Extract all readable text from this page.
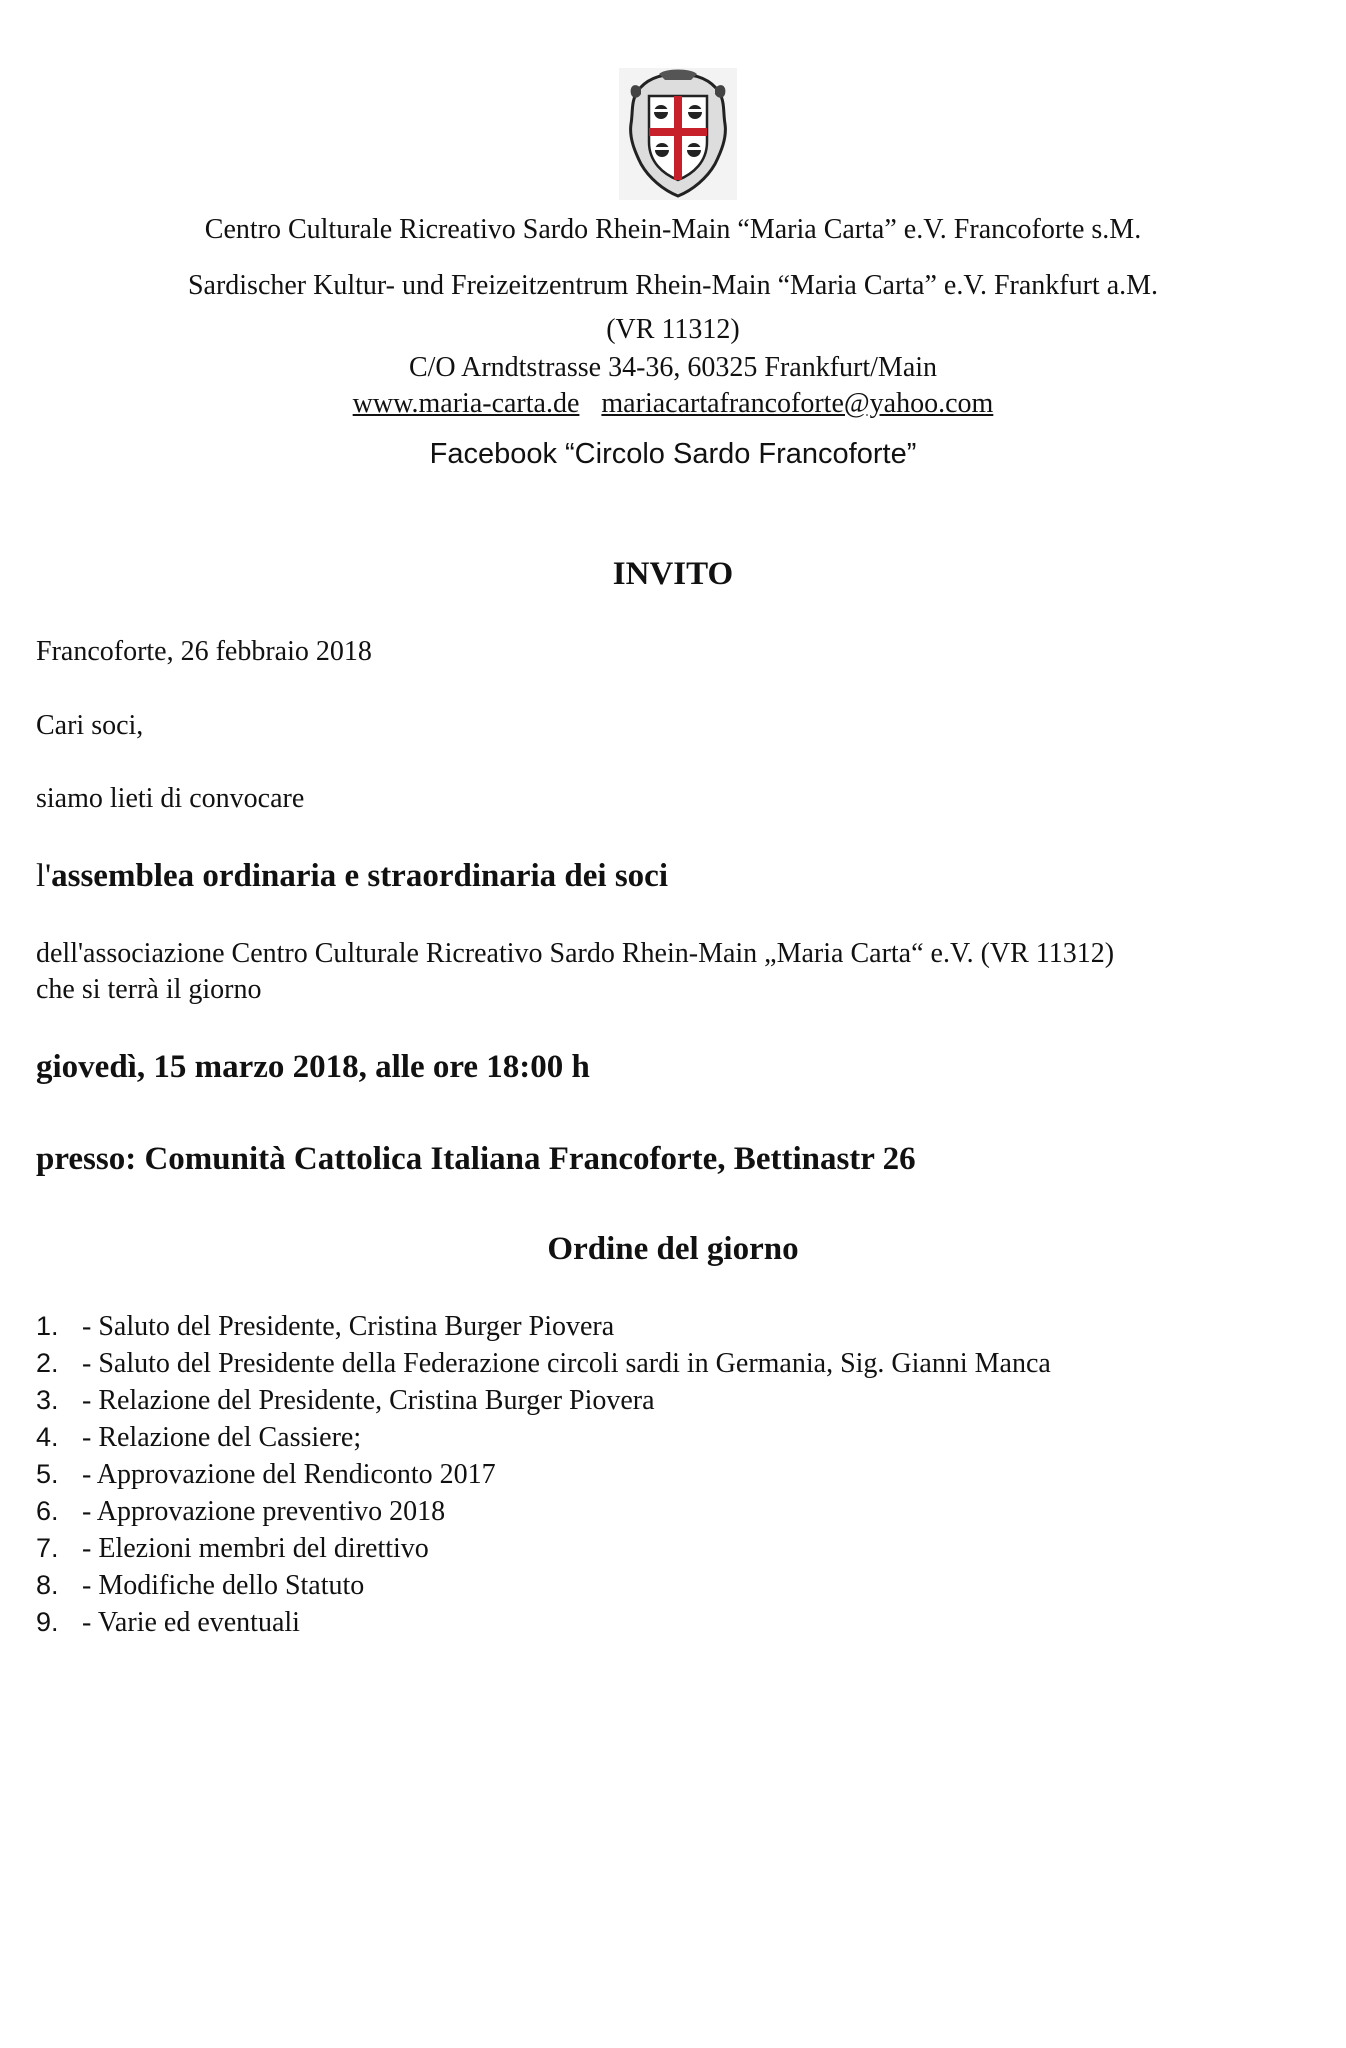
Centro Culturale Ricreativo Sardo Rhein-Main “Maria Carta” e.V. Francoforte s.M.
Sardischer Kultur- und Freizeitzentrum Rhein-Main “Maria Carta” e.V. Frankfurt a.M.
(VR 11312)
C/O Arndtstrasse 34-36, 60325 Frankfurt/Main
www.maria-carta.de mariacartafrancoforte@yahoo.com
Facebook “Circolo Sardo Francoforte”
INVITO
Francoforte, 26 febbraio 2018
Cari soci,
siamo lieti di convocare
l'assemblea ordinaria e straordinaria dei soci
dell'associazione Centro Culturale Ricreativo Sardo Rhein-Main „Maria Carta“ e.V. (VR 11312)
che si terrà il giorno
giovedì, 15 marzo 2018, alle ore 18:00 h
presso: Comunità Cattolica Italiana Francoforte, Bettinastr 26
Ordine del giorno
1. - Saluto del Presidente, Cristina Burger Piovera
2. - Saluto del Presidente della Federazione circoli sardi in Germania, Sig. Gianni Manca
3. - Relazione del Presidente, Cristina Burger Piovera
4. - Relazione del Cassiere;
5. - Approvazione del Rendiconto 2017
6. - Approvazione preventivo 2018
7. - Elezioni membri del direttivo
8. - Modifiche dello Statuto
9. - Varie ed eventuali
